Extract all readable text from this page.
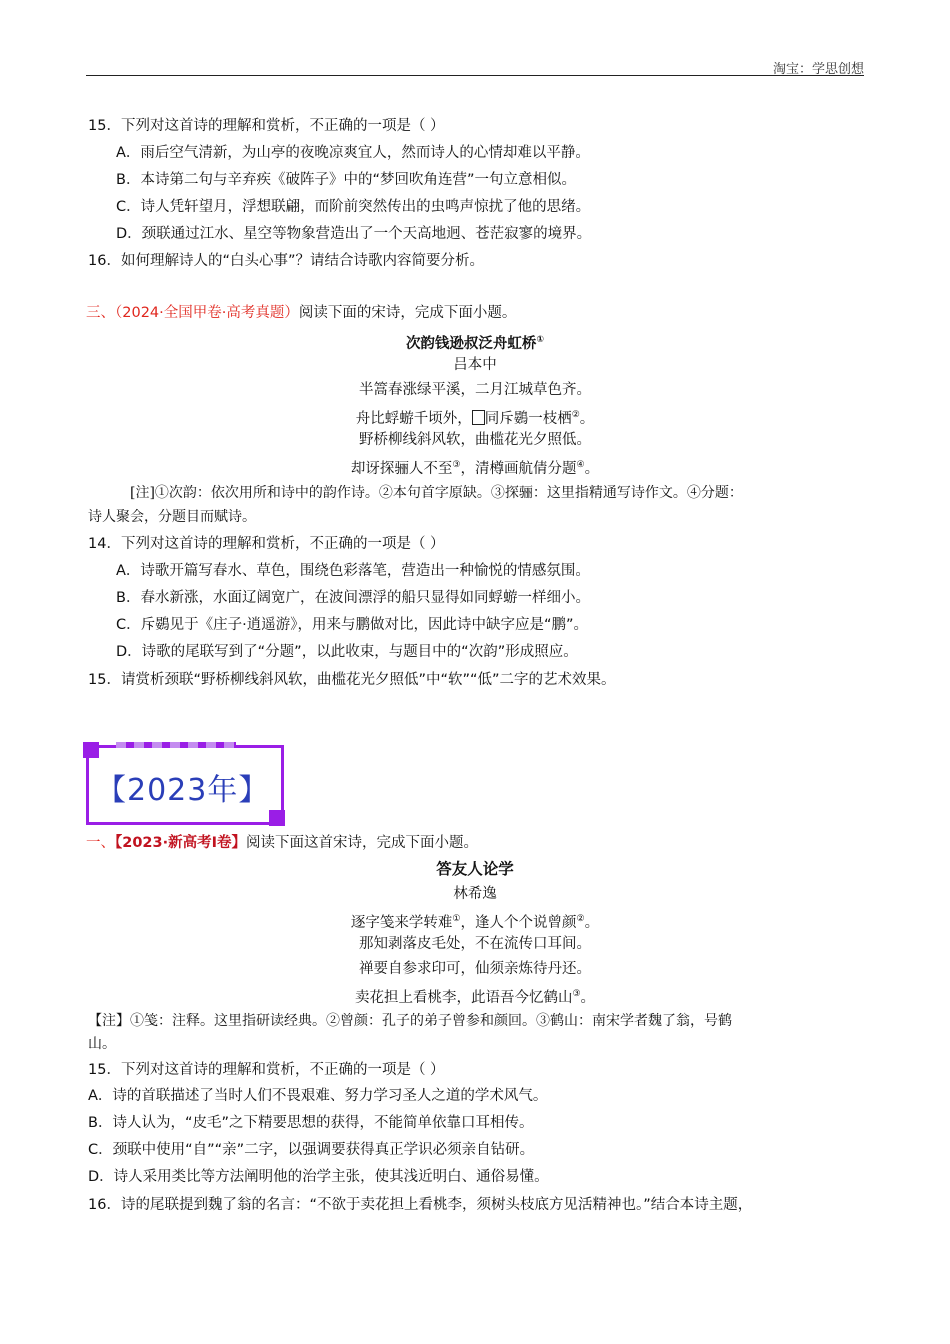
淘宝：学思创想
15．下列对这首诗的理解和赏析，不正确的一项是（ ）
A．雨后空气清新，为山亭的夜晚凉爽宜人，然而诗人的心情却难以平静。
B．本诗第二句与辛弃疾《破阵子》中的“梦回吹角连营”一句立意相似。
C．诗人凭轩望月，浮想联翩，而阶前突然传出的虫鸣声惊扰了他的思绪。
D．颈联通过江水、星空等物象营造出了一个天高地迥、苍茫寂寥的境界。
16．如何理解诗人的“白头心事”？请结合诗歌内容简要分析。
三、（2024·全国甲卷·高考真题）阅读下面的宋诗，完成下面小题。
次韵钱逊叔泛舟虹桥①
吕本中
半篙春涨绿平溪，二月江城草色齐。
舟比蜉蝣千顷外， 同斥鷃一枝栖②。
野桥柳线斜风软，曲槛花光夕照低。
却讶探骊人不至③，清樽画航倩分题④。
[注]①次韵：依次用所和诗中的韵作诗。②本句首字原缺。③探骊：这里指精通写诗作文。④分题：
诗人聚会，分题目而赋诗。
14．下列对这首诗的理解和赏析，不正确的一项是（ ）
A．诗歌开篇写春水、草色，围绕色彩落笔，营造出一种愉悦的情感氛围。
B．春水新涨，水面辽阔宽广，在波间漂浮的船只显得如同蜉蝣一样细小。
C．斥鷃见于《庄子·逍遥游》，用来与鹏做对比，因此诗中缺字应是“鹏”。
D．诗歌的尾联写到了“分题”，以此收束，与题目中的“次韵”形成照应。
15．请赏析颈联“野桥柳线斜风软，曲槛花光夕照低”中“软”“低”二字的艺术效果。
【2023年】
一、【2023·新高考Ⅰ卷】阅读下面这首宋诗，完成下面小题。
答友人论学
林希逸
逐字笺来学转难①，逢人个个说曾颜②。
那知剥落皮毛处，不在流传口耳间。
禅要自参求印可，仙须亲炼待丹还。
卖花担上看桃李，此语吾今忆鹤山③。
【注】①笺：注释。这里指研读经典。②曾颜：孔子的弟子曾参和颜回。③鹤山：南宋学者魏了翁，号鹤
山。
15．下列对这首诗的理解和赏析，不正确的一项是（ ）
A．诗的首联描述了当时人们不畏艰难、努力学习圣人之道的学术风气。
B．诗人认为，“皮毛”之下精要思想的获得，不能简单依靠口耳相传。
C．颈联中使用“自”“亲”二字，以强调要获得真正学识必须亲自钻研。
D．诗人采用类比等方法阐明他的治学主张，使其浅近明白、通俗易懂。
16．诗的尾联提到魏了翁的名言：“不欲于卖花担上看桃李，须树头枝底方见活精神也。”结合本诗主题，
